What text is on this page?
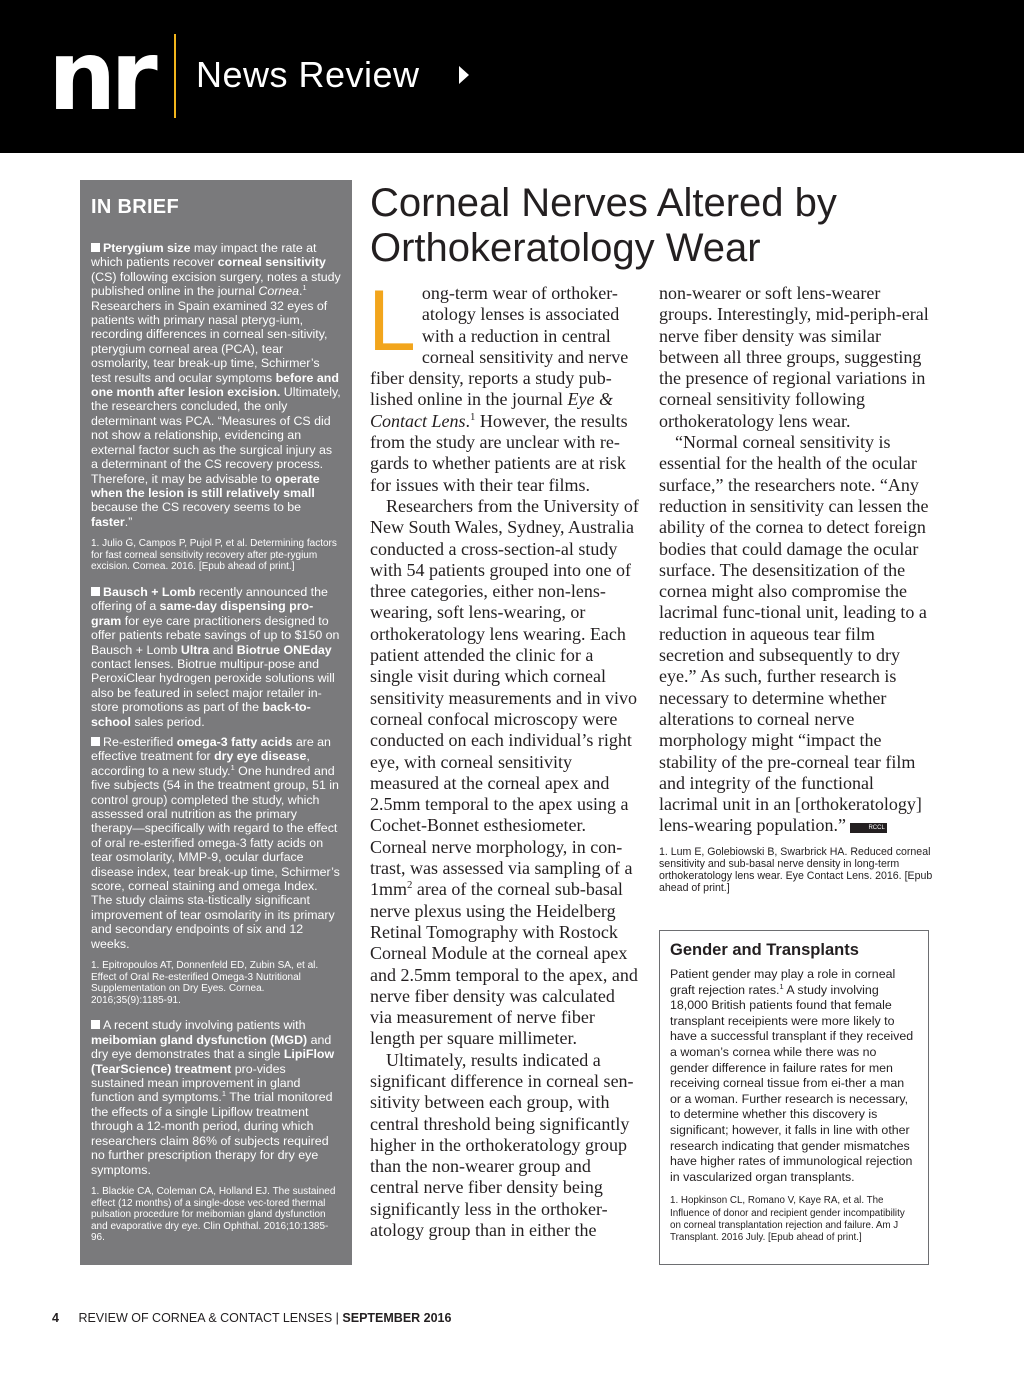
nr News Review
IN BRIEF
Pterygium size may impact the rate at which patients recover corneal sensitivity (CS) following excision surgery, notes a study published online in the journal Cornea.$^1$ Researchers in Spain examined 32 eyes of patients with primary nasal pteryg-ium, recording differences in corneal sen-sitivity, pterygium corneal area (PCA), tear osmolarity, tear break-up time, Schirmer’s test results and ocular symptoms before and one month after lesion excision. Ultimately, the researchers concluded, the only determinant was PCA. “Measures of CS did not show a relationship, evidencing an external factor such as the surgical injury as a determinant of the CS recovery process. Therefore, it may be advisable to operate when the lesion is still relatively small because the CS recovery seems to be faster.”
1. Julio G, Campos P, Pujol P, et al. Determining factors for fast corneal sensitivity recovery after pte-rygium excision. Cornea. 2016. [Epub ahead of print.]
Bausch + Lomb recently announced the offering of a same-day dispensing pro-gram for eye care practitioners designed to offer patients rebate savings of up to $150 on Bausch + Lomb Ultra and Biotrue ONEday contact lenses. Biotrue multipur-pose and PeroxiClear hydrogen peroxide solutions will also be featured in select major retailer in-store promotions as part of the back-to-school sales period.
Re-esterified omega-3 fatty acids are an effective treatment for dry eye disease, according to a new study.$^1$ One hundred and five subjects (54 in the treatment group, 51 in control group) completed the study, which assessed oral nutrition as the primary therapy—specifically with regard to the effect of oral re-esterified omega-3 fatty acids on tear osmolarity, MMP-9, ocular durface disease index, tear break-up time, Schirmer’s score, corneal staining and omega Index. The study claims sta-tistically significant improvement of tear osmolarity in its primary and secondary endpoints of six and 12 weeks.
1. Epitropoulos AT, Donnenfeld ED, Zubin SA, et al. Effect of Oral Re-esterified Omega-3 Nutritional Supplementation on Dry Eyes. Cornea. 2016;35(9):1185-91.
A recent study involving patients with meibomian gland dysfunction (MGD) and dry eye demonstrates that a single LipiFlow (TearScience) treatment pro-vides sustained mean improvement in gland function and symptoms.$^1$ The trial monitored the effects of a single Lipiflow treatment through a 12-month period, during which researchers claim 86% of subjects required no further prescription therapy for dry eye symptoms.
1. Blackie CA, Coleman CA, Holland EJ. The sustained effect (12 months) of a single-dose vec-tored thermal pulsation procedure for meibomian gland dysfunction and evaporative dry eye. Clin Ophthal. 2016;10:1385-96.
Corneal Nerves Altered by Orthokeratology Wear

Long-term wear of orthoker-atology lenses is associated with a reduction in central corneal sensitivity and nerve fiber density, reports a study pub-lished online in the journal Eye & Contact Lens.$^1$ However, the results from the study are unclear with re-gards to whether patients are at risk for issues with their tear films.

Researchers from the University of New South Wales, Sydney, Australia conducted a cross-section-al study with 54 patients grouped into one of three categories, either non-lens-wearing, soft lens-wearing, or orthokeratology lens wearing. Each patient attended the clinic for a single visit during which corneal sensitivity measurements and in vivo corneal confocal microscopy were conducted on each individual’s right eye, with corneal sensitivity measured at the corneal apex and 2.5mm temporal to the apex using a Cochet-Bonnet esthesiometer. Corneal nerve morphology, in con-trast, was assessed via sampling of a $1mm^2$ area of the corneal sub-basal nerve plexus using the Heidelberg Retinal Tomography with Rostock Corneal Module at the corneal apex and 2.5mm temporal to the apex, and nerve fiber density was calculated via measurement of nerve fiber length per square millimeter.

Ultimately, results indicated a significant difference in corneal sen-sitivity between each group, with central threshold being significantly higher in the orthokeratology group than the non-wearer group and central nerve fiber density being significantly less in the orthoker-atology group than in either the

non-wearer or soft lens-wearer groups. Interestingly, mid-periph-eral nerve fiber density was similar between all three groups, suggesting the presence of regional variations in corneal sensitivity following orthokeratology lens wear.

“Normal corneal sensitivity is essential for the health of the ocular surface,” the researchers note. “Any reduction in sensitivity can lessen the ability of the cornea to detect foreign bodies that could damage the ocular surface. The desensitization of the cornea might also compromise the lacrimal func-tional unit, leading to a reduction in aqueous tear film secretion and subsequently to dry eye.” As such, further research is necessary to determine whether alterations to corneal nerve morphology might “impact the stability of the pre-corneal tear film and integrity of the functional lacrimal unit in an [orthokeratology] lens-wearing population.”	RCCL

1. Lum E, Golebiowski B, Swarbrick HA. Reduced corneal sensitivity and sub-basal nerve density in long-term orthokeratology lens wear. Eye Contact Lens. 2016. [Epub ahead of print.]
Gender and Transplants
Patient gender may play a role in corneal graft rejection rates.$^1$ A study involving 18,000 British patients found that female transplant receipients were more likely to have a successful transplant if they received a woman’s cornea while there was no gender difference in failure rates for men receiving corneal tissue from ei-ther a man or a woman. Further research is necessary, to determine whether this discovery is significant; however, it falls in line with other research indicating that gender mismatches have higher rates of immunological rejection in vascularized organ transplants.
1. Hopkinson CL, Romano V, Kaye RA, et al. The Influence of donor and recipient gender incompatibility on corneal transplantation rejection and failure. Am J Transplant. 2016 July. [Epub ahead of print.]
4 REVIEW OF CORNEA & CONTACT LENSES | SEPTEMBER 2016
